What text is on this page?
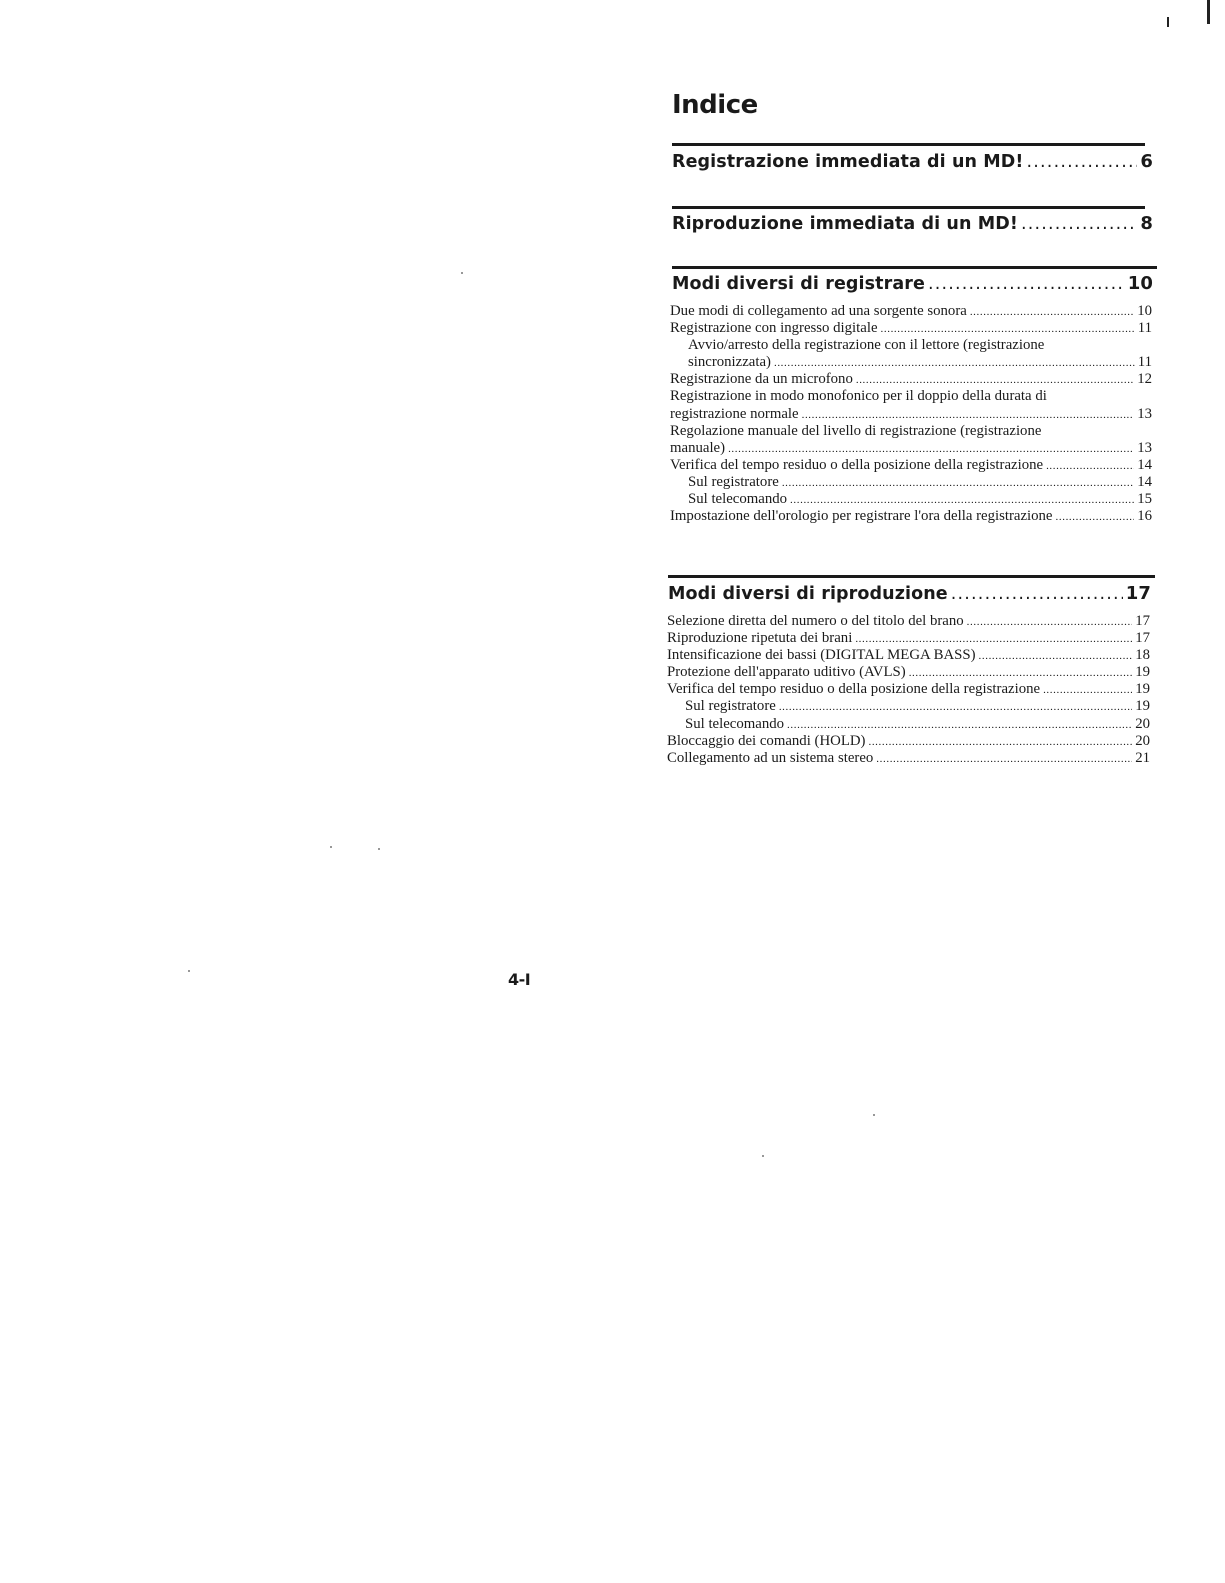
Indice
Registrazione immediata di un MD! .....	6
Riproduzione immediata di un MD! .....	8
Modi diversi di registrare .....	10
Due modi di collegamento ad una sorgente sonora .....	10
Registrazione con ingresso digitale .....	11
Avvio/arresto della registrazione con il lettore (registrazione
sincronizzata) .....	11
Registrazione da un microfono .....	12
Registrazione in modo monofonico per il doppio della durata di
registrazione normale .....	13
Regolazione manuale del livello di registrazione (registrazione
manuale) .....	13
Verifica del tempo residuo o della posizione della registrazione .....	14
Sul registratore .....	14
Sul telecomando .....	15
Impostazione dell'orologio per registrare l'ora della registrazione .....	16
Modi diversi di riproduzione .....	17
Selezione diretta del numero o del titolo del brano .....	17
Riproduzione ripetuta dei brani .....	17
Intensificazione dei bassi (DIGITAL MEGA BASS) .....	18
Protezione dell'apparato uditivo (AVLS) .....	19
Verifica del tempo residuo o della posizione della registrazione .....	19
Sul registratore .....	19
Sul telecomando .....	20
Bloccaggio dei comandi (HOLD) .....	20
Collegamento ad un sistema stereo .....	21
4-I
